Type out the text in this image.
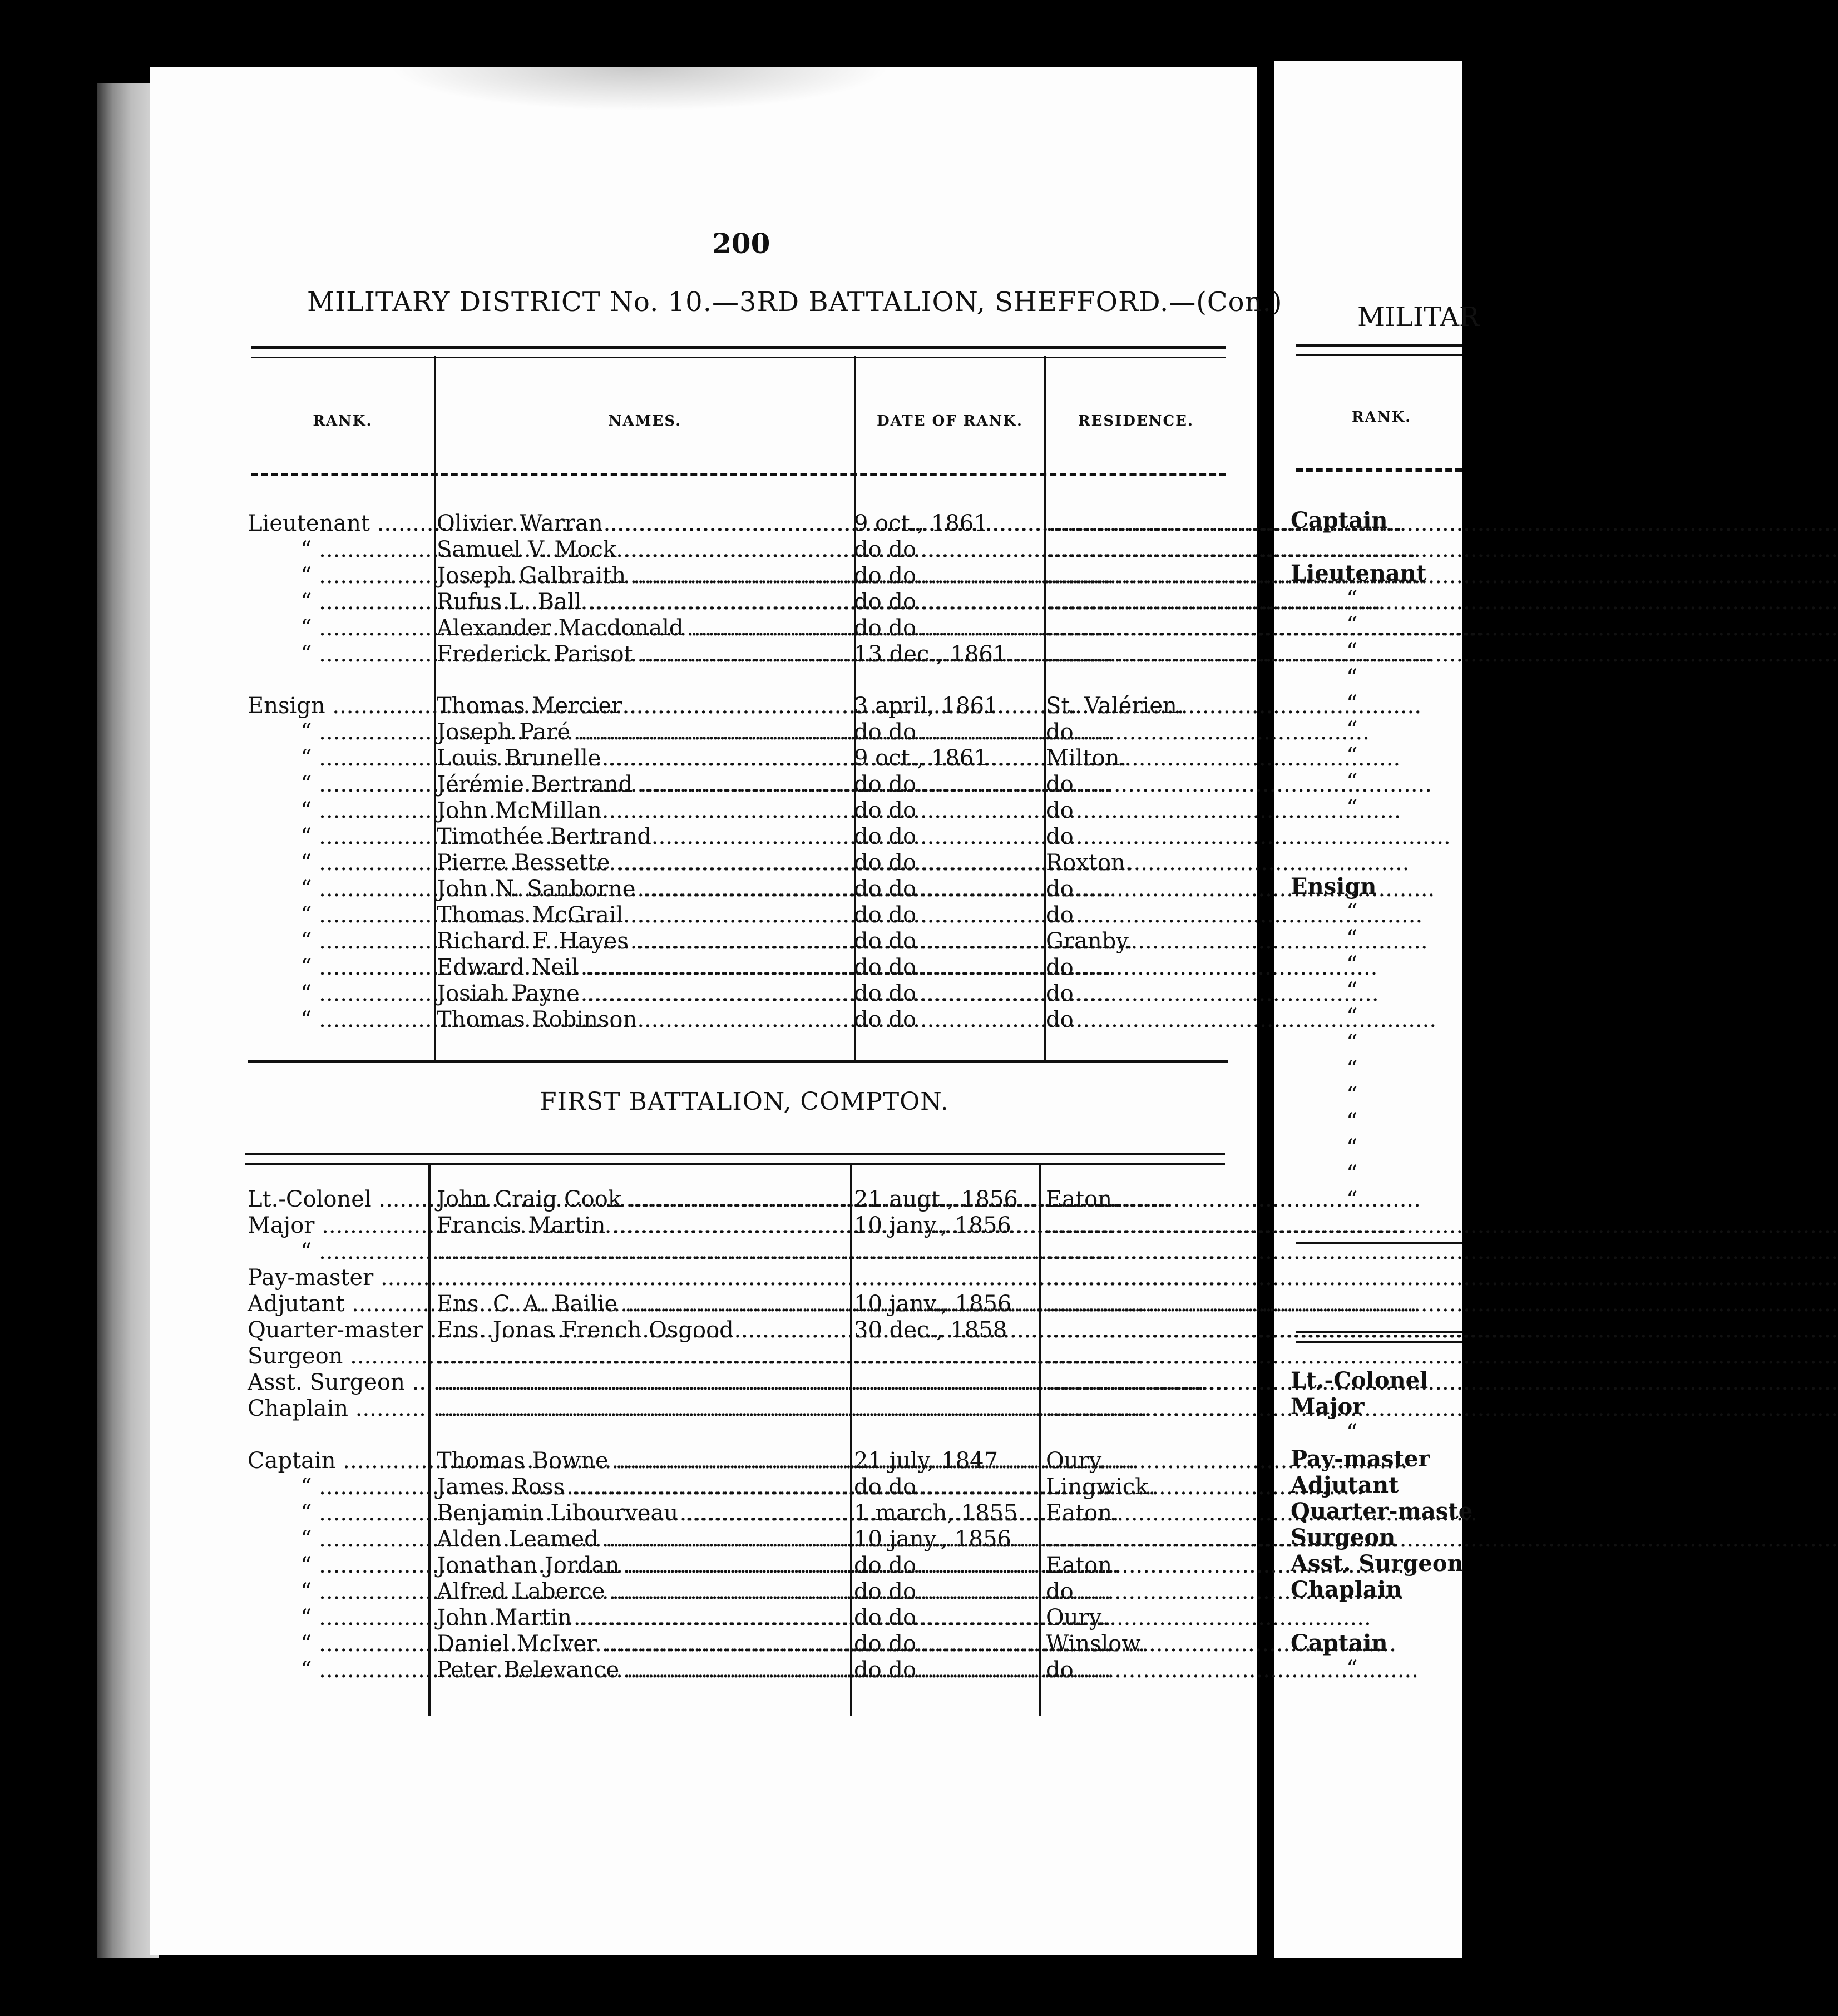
200
MILITARY DISTRICT No. 10.—3RD BATTALION, SHEFFORD.—(Con.)
RANK.	NAMES.	DATE OF RANK.	RESIDENCE.
Lieutenant .....	Olivier Warran .....	9 oct., 1861
.....
“ .....	Samuel V. Mock .....	do do
.....
“ .....	Joseph Galbraith .....	do do
.....
“ .....	Rufus L. Ball .....	do do
.....
“ .....	Alexander Macdonald .....	do do
.....
“ .....	Frederick Parisot .....	13 dec., 1861
.....
Ensign .....	Thomas Mercier .....	3 april, 1861	St. Valérien.
“ .....	Joseph Paré .....	do do	do
“ .....	Louis Brunelle .....	9 oct., 1861	Milton.
“ .....	Jérémie Bertrand .....	do do	do
“ .....	John McMillan .....	do do	do
“ .....	Timothée Bertrand .....	do do	do
“ .....	Pierre Bessette .....	do do	Roxton.
“ .....	John N. Sanborne .....	do do	do
“ .....	Thomas McGrail .....	do do	do
“ .....	Richard F. Hayes .....	do do	Granby.
“ .....	Edward Neil .....	do do	do
“ .....	Josiah Payne .....	do do	do
“ .....	Thomas Robinson .....	do do	do
FIRST BATTALION, COMPTON.
Lt.-Colonel .....	John Craig Cook .....	21 augt., 1856	Eaton.
Major .....	Francis Martin .....	10 jany., 1856
.....
“ .....
.....
.....
Pay-master .....
.....
.....
Adjutant .....	Ens. C. A. Bailie .....	10 janv., 1856
.....
Quarter-master ..... Ens. Jonas French Osgood .....	30 dec., 1858
.....
Surgeon .....
.....
.....
Asst. Surgeon .....
.....
.....
Chaplain .....
.....
.....
Captain .....	Thomas Bowne .....	21 july, 1847	Oury.
“ .....	James Ross .....	do do	Lingwick.
“ .....	Benjamin Libourveau .....	1 march, 1855	Eaton.
“ .....	Alden Leamed .....	10 jany., 1856
.....
“ .....	Jonathan Jordan .....	do do	Eaton.
“ .....	Alfred Laberce .....	do do	do
“ .....	John Martin .....	do do	Oury.
“ .....	Daniel McIver .....	do do	Winslow.
“ .....	Peter Belevance .....	do do	do
MILITAR
RANK.
Captain
Lieutenant
“
“
“
“
“
“
“
“
“
Ensign
“
“
“
“
“
“
“
“
“
“
“
“
Lt.-Colonel
Major
“
Pay-master
Adjutant
Quarter-maste
Surgeon
Asst. Surgeon
Chaplain
Captain
“
